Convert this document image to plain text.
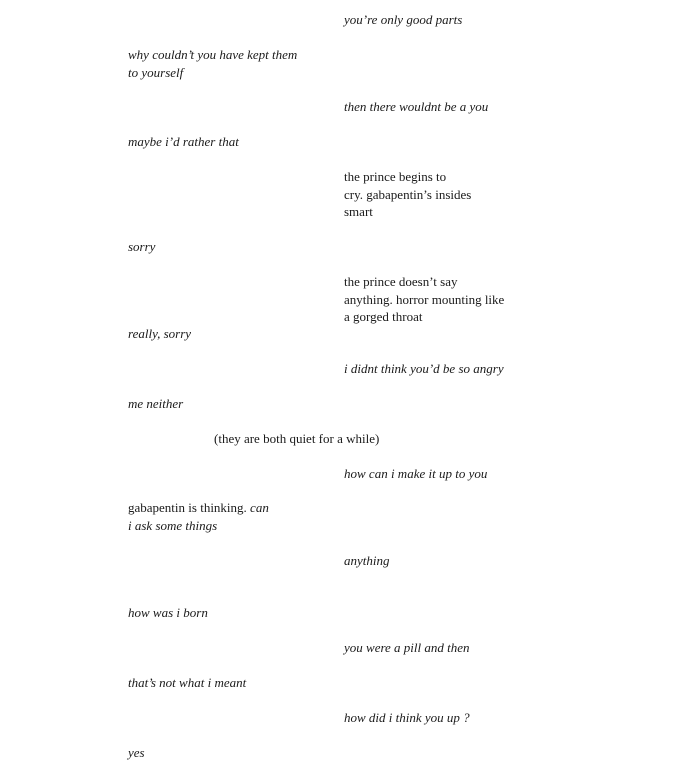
you’re only good parts

why couldn’t you have kept them
to yourself

then there wouldnt be a you

maybe i’d rather that

the prince begins to
cry. gabapentin’s insides
smart

sorry

the prince doesn’t say
anything. horror mounting like
a gorged throat

really, sorry

i didnt think you’d be so angry

me neither

(they are both quiet for a while)

how can i make it up to you

gabapentin is thinking. can
i ask some things

anything

how was i born

you were a pill and then

that’s not what i meant

how did i think you up ?

yes
